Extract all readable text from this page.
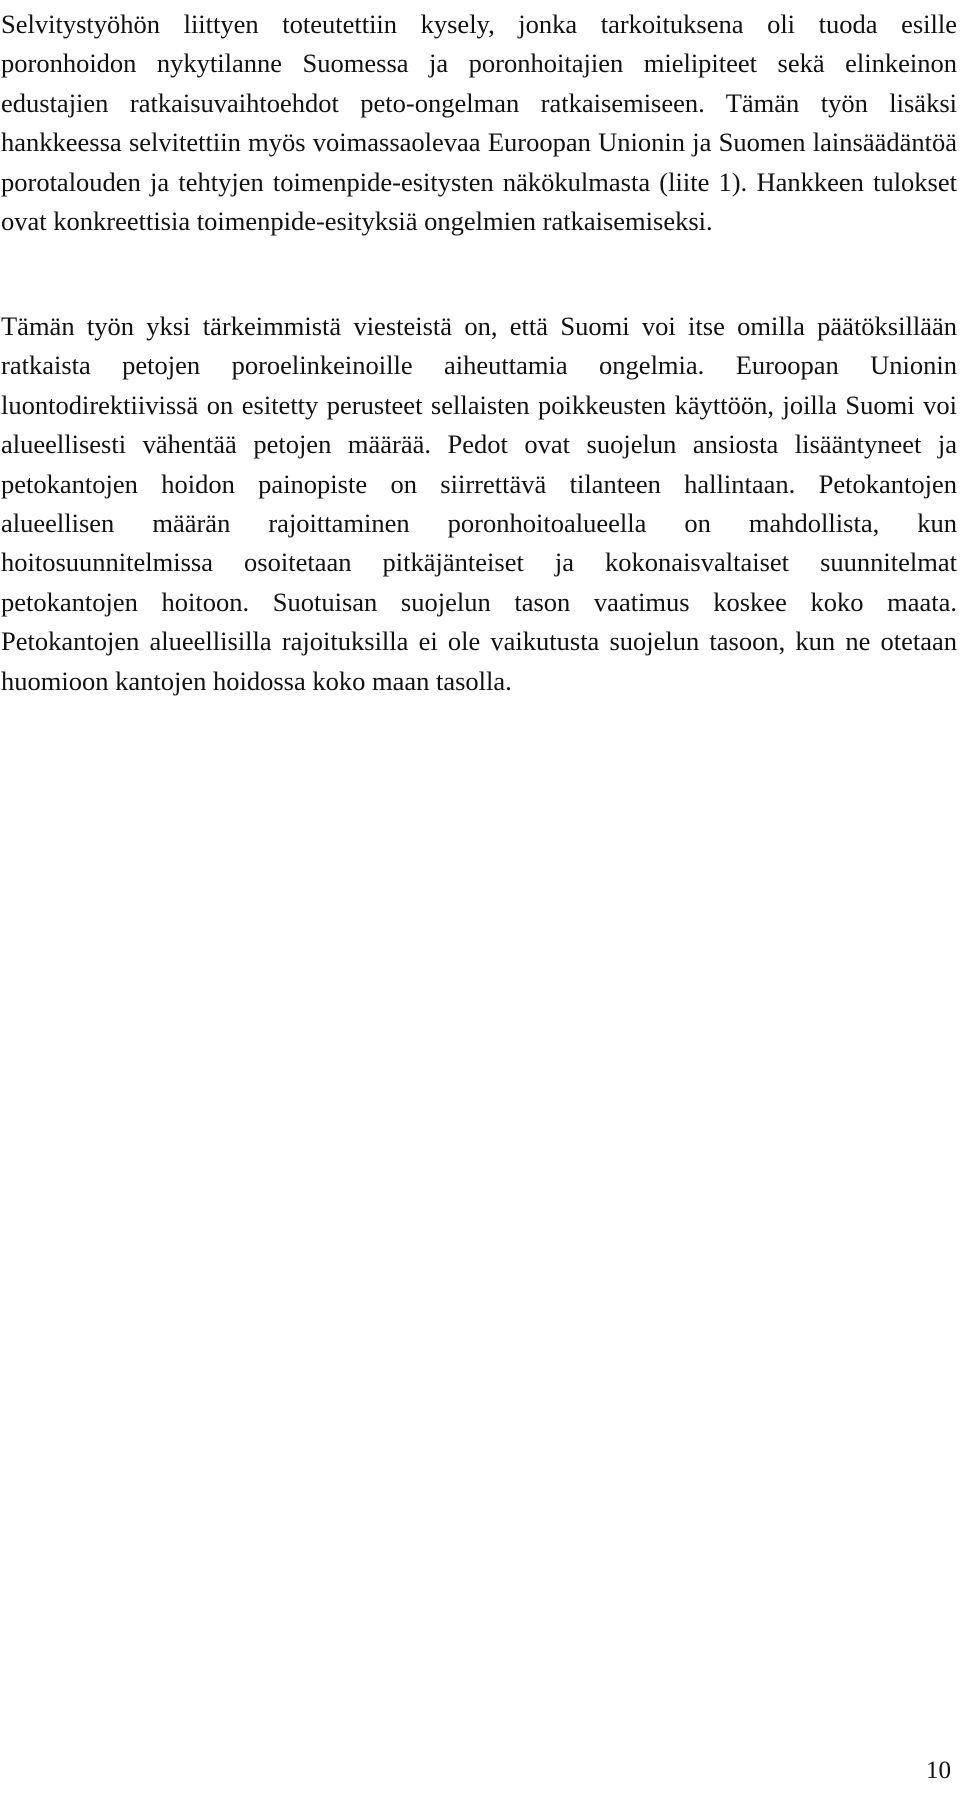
Selvitystyöhön liittyen toteutettiin kysely, jonka tarkoituksena oli tuoda esille poronhoidon nykytilanne Suomessa ja poronhoitajien mielipiteet sekä elinkeinon edustajien ratkaisuvaihtoehdot peto-ongelman ratkaisemiseen. Tämän työn lisäksi hankkeessa selvitettiin myös voimassaolevaa Euroopan Unionin ja Suomen lainsäädäntöä porotalouden ja tehtyjen toimenpide-esitysten näkökulmasta (liite 1). Hankkeen tulokset ovat konkreettisia toimenpide-esityksiä ongelmien ratkaisemiseksi.

Tämän työn yksi tärkeimmistä viesteistä on, että Suomi voi itse omilla päätöksillään ratkaista petojen poroelinkeinoille aiheuttamia ongelmia. Euroopan Unionin luontodirektiivissä on esitetty perusteet sellaisten poikkeusten käyttöön, joilla Suomi voi alueellisesti vähentää petojen määrää. Pedot ovat suojelun ansiosta lisääntyneet ja petokantojen hoidon painopiste on siirrettävä tilanteen hallintaan. Petokantojen alueellisen määrän rajoittaminen poronhoitoalueella on mahdollista, kun hoitosuunnitelmissa osoitetaan pitkäjänteiset ja kokonaisvaltaiset suunnitelmat petokantojen hoitoon. Suotuisan suojelun tason vaatimus koskee koko maata. Petokantojen alueellisilla rajoituksilla ei ole vaikutusta suojelun tasoon, kun ne otetaan huomioon kantojen hoidossa koko maan tasolla.

10
